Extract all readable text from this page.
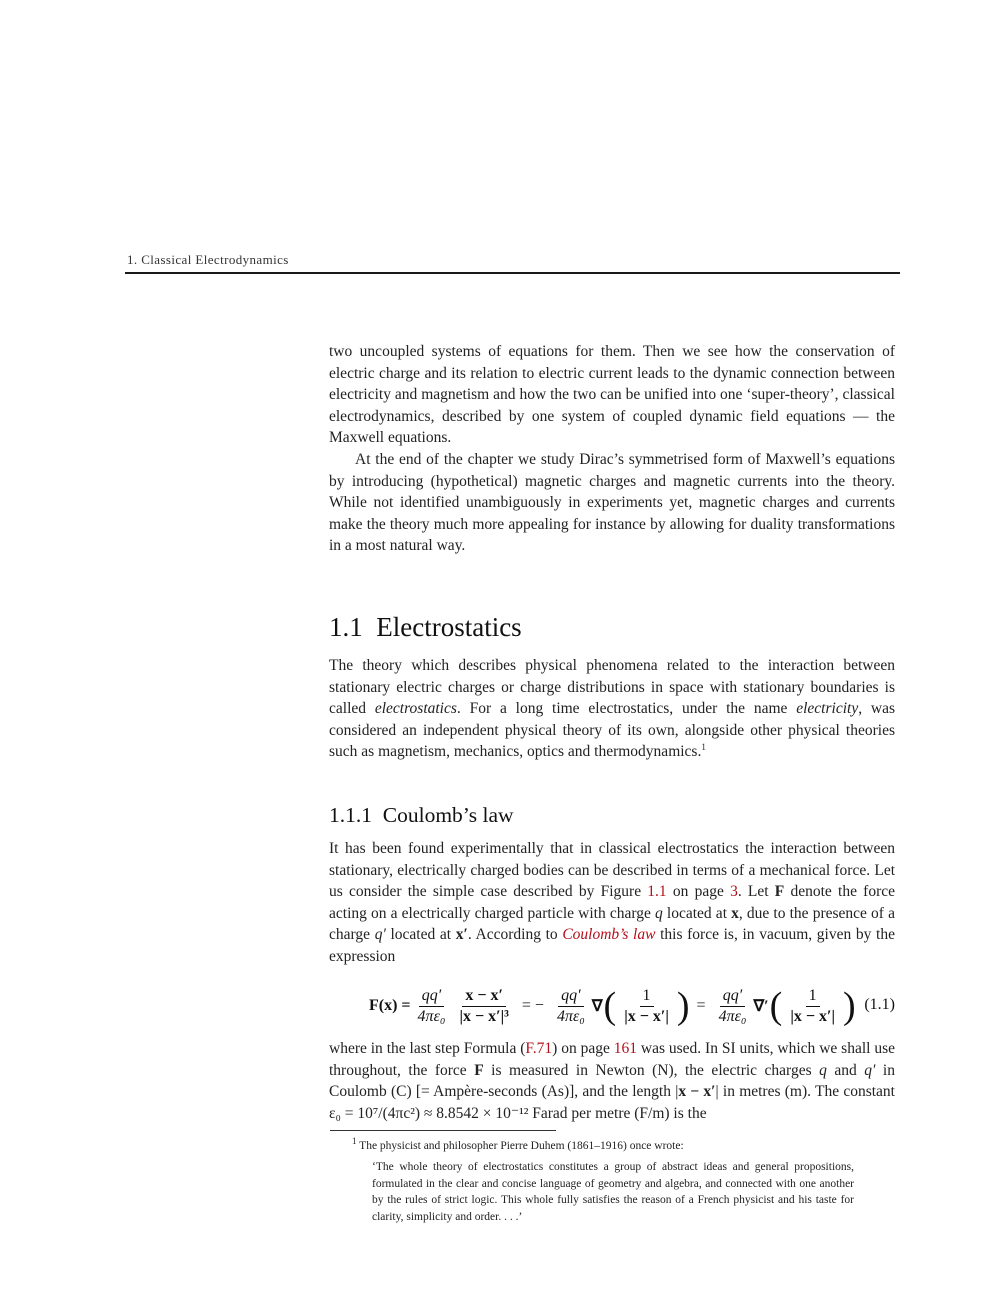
1. Classical Electrodynamics

two uncoupled systems of equations for them. Then we see how the conservation of electric charge and its relation to electric current leads to the dynamic connection between electricity and magnetism and how the two can be unified into one ‘super-theory’, classical electrodynamics, described by one system of coupled dynamic field equations — the Maxwell equations.

At the end of the chapter we study Dirac’s symmetrised form of Maxwell’s equations by introducing (hypothetical) magnetic charges and magnetic currents into the theory. While not identified unambiguously in experiments yet, magnetic charges and currents make the theory much more appealing for instance by allowing for duality transformations in a most natural way.

1.1 Electrostatics

The theory which describes physical phenomena related to the interaction between stationary electric charges or charge distributions in space with stationary boundaries is called electrostatics. For a long time electrostatics, under the name electricity, was considered an independent physical theory of its own, alongside other physical theories such as magnetism, mechanics, optics and thermodynamics.$^1$

1.1.1 Coulomb’s law

It has been found experimentally that in classical electrostatics the interaction between stationary, electrically charged bodies can be described in terms of a mechanical force. Let us consider the simple case described by Figure 1.1 on page 3. Let F denote the force acting on a electrically charged particle with charge q located at x, due to the presence of a charge q′ located at x′. According to Coulomb’s law this force is, in vacuum, given by the expression

$F(x) = \frac{qq'}{\text{4πε₀}} \frac{x - x'}{\text{|x − x′|³}}$ = − $\frac{qq'}{\text{4πε₀}}$ ∇ ( $\frac{1}{|x - x'|}$ ) = $\frac{qq'}{\text{4πε₀}}$ ∇′ ( $\frac{1}{|x - x'|}$ ) (1.1)

where in the last step Formula (F.71) on page 161 was used. In SI units, which we shall use throughout, the force F is measured in Newton (N), the electric charges q and q′ in Coulomb (C) [= Ampère-seconds (As)], and the length |x − x′| in metres (m). The constant ε₀ = 10⁷/(4πc²) ≈ 8.8542 × 10⁻¹² Farad per metre (F/m) is the

$^1$ The physicist and philosopher Pierre Duhem (1861–1916) once wrote:
‘The whole theory of electrostatics constitutes a group of abstract ideas and general propositions, formulated in the clear and concise language of geometry and algebra, and connected with one another by the rules of strict logic. This whole fully satisfies the reason of a French physicist and his taste for clarity, simplicity and order. . . .’
